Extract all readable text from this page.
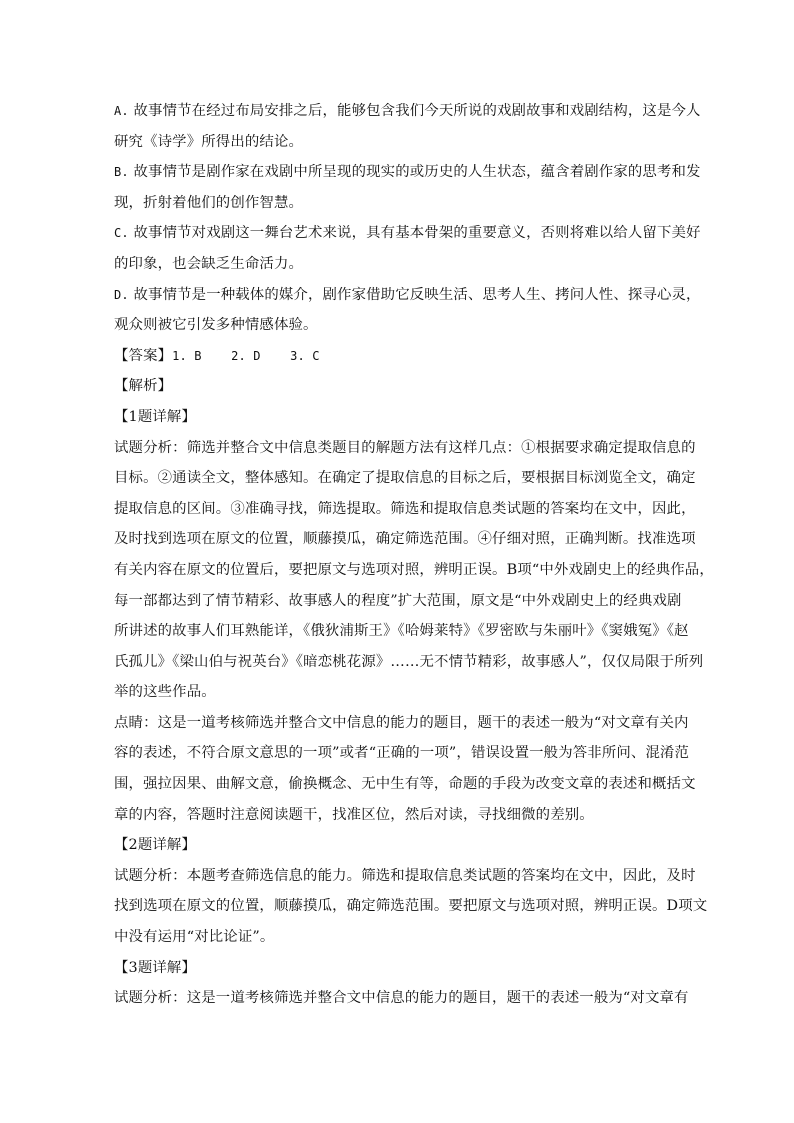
A. 故事情节在经过布局安排之后，能够包含我们今天所说的戏剧故事和戏剧结构，这是今人
研究《诗学》所得出的结论。
B. 故事情节是剧作家在戏剧中所呈现的现实的或历史的人生状态，蕴含着剧作家的思考和发
现，折射着他们的创作智慧。
C. 故事情节对戏剧这一舞台艺术来说，具有基本骨架的重要意义，否则将难以给人留下美好
的印象，也会缺乏生命活力。
D. 故事情节是一种载体的媒介，剧作家借助它反映生活、思考人生、拷问人性、探寻心灵，
观众则被它引发多种情感体验。
【答案】1. B    2. D    3. C
【解析】
【1题详解】
试题分析：筛选并整合文中信息类题目的解题方法有这样几点：①根据要求确定提取信息的
目标。②通读全文，整体感知。在确定了提取信息的目标之后，要根据目标浏览全文，确定
提取信息的区间。③准确寻找，筛选提取。筛选和提取信息类试题的答案均在文中，因此，
及时找到选项在原文的位置，顺藤摸瓜，确定筛选范围。④仔细对照，正确判断。找准选项
有关内容在原文的位置后，要把原文与选项对照，辨明正误。B项“中外戏剧史上的经典作品，
每一部都达到了情节精彩、故事感人的程度”扩大范围，原文是“中外戏剧史上的经典戏剧
所讲述的故事人们耳熟能详，《俄狄浦斯王》《哈姆莱特》《罗密欧与朱丽叶》《窦娥冤》《赵
氏孤儿》《梁山伯与祝英台》《暗恋桃花源》……无不情节精彩，故事感人”，仅仅局限于所列
举的这些作品。
点睛：这是一道考核筛选并整合文中信息的能力的题目，题干的表述一般为“对文章有关内
容的表述，不符合原文意思的一项”或者“正确的一项”，错误设置一般为答非所问、混淆范
围，强拉因果、曲解文意，偷换概念、无中生有等，命题的手段为改变文章的表述和概括文
章的内容，答题时注意阅读题干，找准区位，然后对读，寻找细微的差别。
【2题详解】
试题分析：本题考查筛选信息的能力。筛选和提取信息类试题的答案均在文中，因此，及时
找到选项在原文的位置，顺藤摸瓜，确定筛选范围。要把原文与选项对照，辨明正误。D项文
中没有运用“对比论证”。
【3题详解】
试题分析：这是一道考核筛选并整合文中信息的能力的题目，题干的表述一般为“对文章有
